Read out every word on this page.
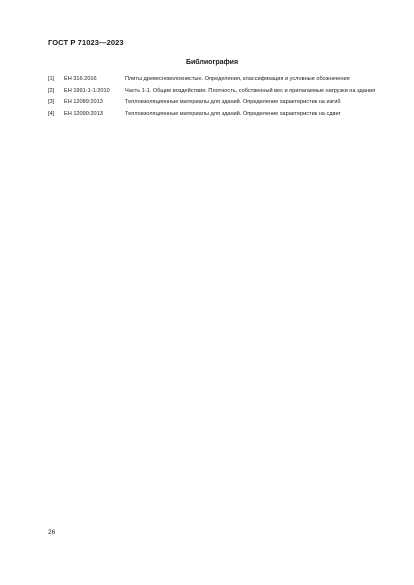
ГОСТ Р 71023—2023
Библиография
[1]	ЕН 316:2016	Плиты древесноволокнистые. Определения, классификация и условные обозначения
[2]	ЕН 1991-1-1:2010	Часть 1-1. Общие воздействия. Плотность, собственный вес и прилагаемые нагрузки на здания
[3]	ЕН 12089:2013	Теплоизоляционные материалы для зданий. Определение характеристик на изгиб
[4]	ЕН 12090:2013	Теплоизоляционные материалы для зданий. Определение характеристик на сдвиг
26
